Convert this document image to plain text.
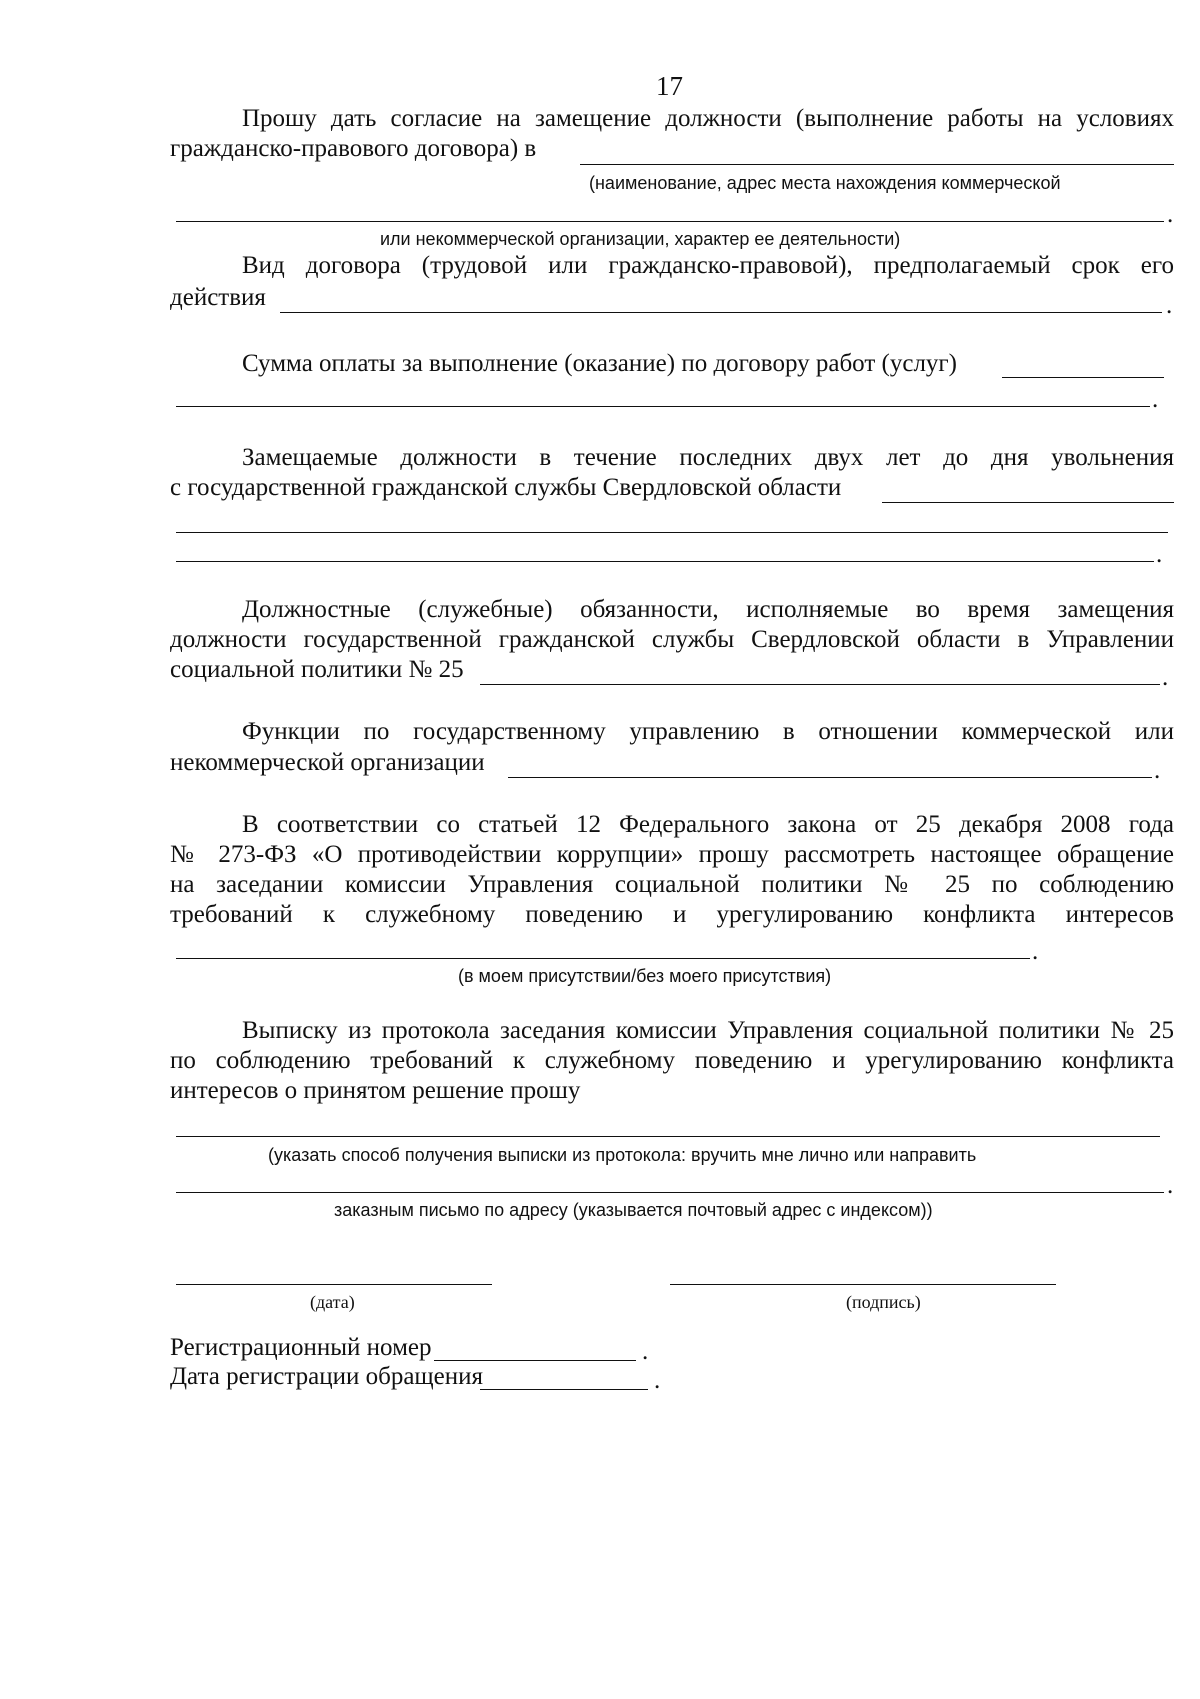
17
Прошу дать согласие на замещение должности (выполнение работы на условиях
гражданско-правового договора) в
(наименование, адрес места нахождения коммерческой
.
или некоммерческой организации, характер ее деятельности)
Вид договора (трудовой или гражданско-правовой), предполагаемый срок его
действия	.
Сумма оплаты за выполнение (оказание) по договору работ (услуг)
.
Замещаемые должности в течение последних двух лет до дня увольнения
с государственной гражданской службы Свердловской области
.
Должностные (служебные) обязанности, исполняемые во время замещения
должности государственной гражданской службы Свердловской области в Управлении
социальной политики № 25	.
Функции по государственному управлению в отношении коммерческой или
некоммерческой организации	.
В соответствии со статьей 12 Федерального закона от 25 декабря 2008 года
№ 273-ФЗ «О противодействии коррупции» прошу рассмотреть настоящее обращение
на заседании комиссии Управления социальной политики № 25 по соблюдению
требований к служебному поведению и урегулированию конфликта интересов
.
(в моем присутствии/без моего присутствия)
Выписку из протокола заседания комиссии Управления социальной политики № 25
по соблюдению требований к служебному поведению и урегулированию конфликта
интересов о принятом решение прошу
(указать способ получения выписки из протокола: вручить мне лично или направить
.
заказным письмо по адресу (указывается почтовый адрес с индексом))
(дата)	(подпись)
Регистрационный номер	.
Дата регистрации обращения	.
